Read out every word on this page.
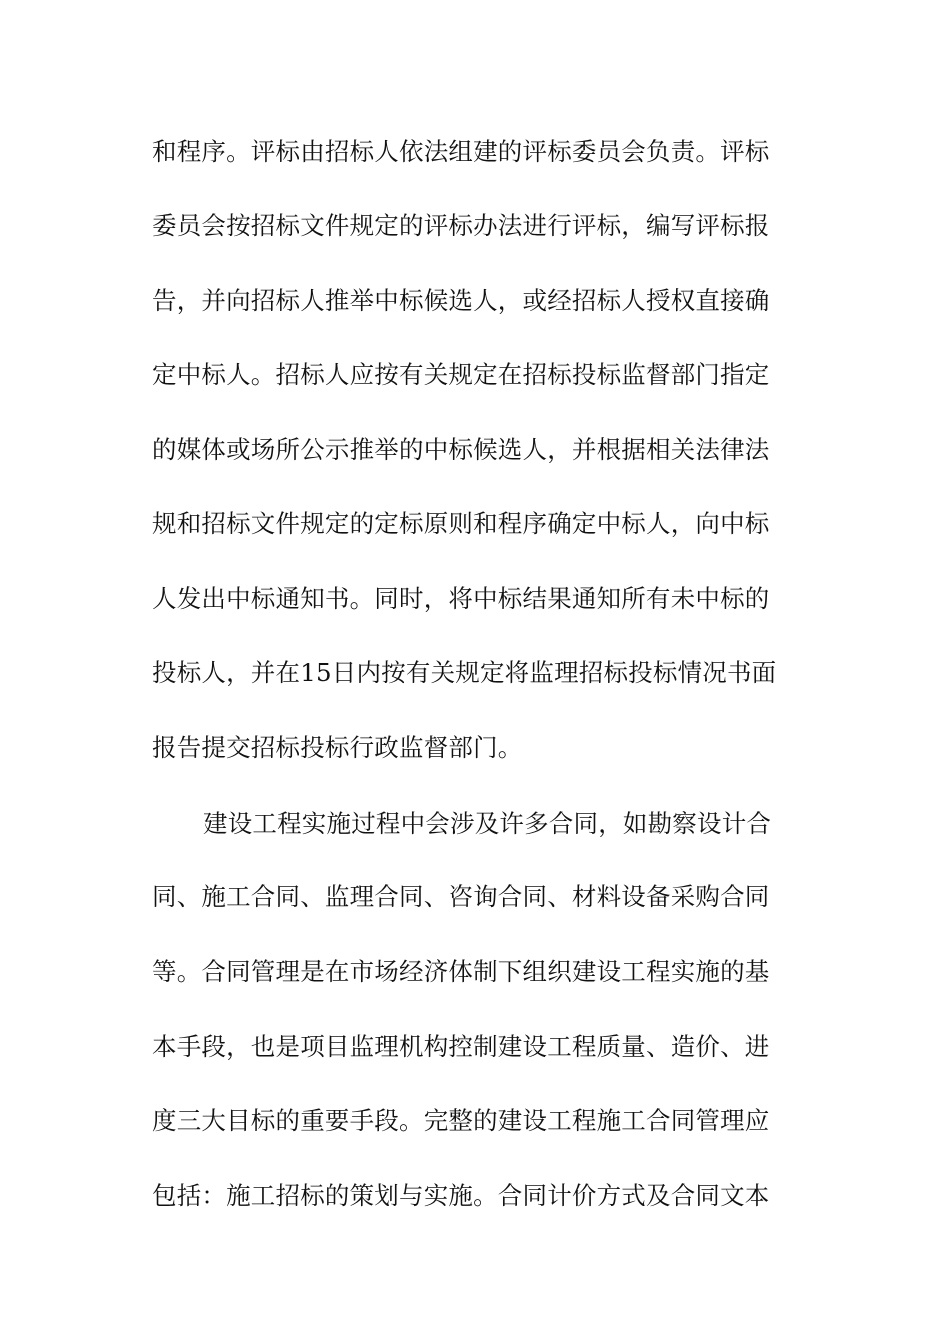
和程序。评标由招标人依法组建的评标委员会负责。评标
委员会按招标文件规定的评标办法进行评标，编写评标报
告，并向招标人推举中标候选人，或经招标人授权直接确
定中标人。招标人应按有关规定在招标投标监督部门指定
的媒体或场所公示推举的中标候选人，并根据相关法律法
规和招标文件规定的定标原则和程序确定中标人，向中标
人发出中标通知书。同时，将中标结果通知所有未中标的
投标人，并在15日内按有关规定将监理招标投标情况书面
报告提交招标投标行政监督部门。
建设工程实施过程中会涉及许多合同，如勘察设计合
同、施工合同、监理合同、咨询合同、材料设备采购合同
等。合同管理是在市场经济体制下组织建设工程实施的基
本手段，也是项目监理机构控制建设工程质量、造价、进
度三大目标的重要手段。完整的建设工程施工合同管理应
包括：施工招标的策划与实施。合同计价方式及合同文本
